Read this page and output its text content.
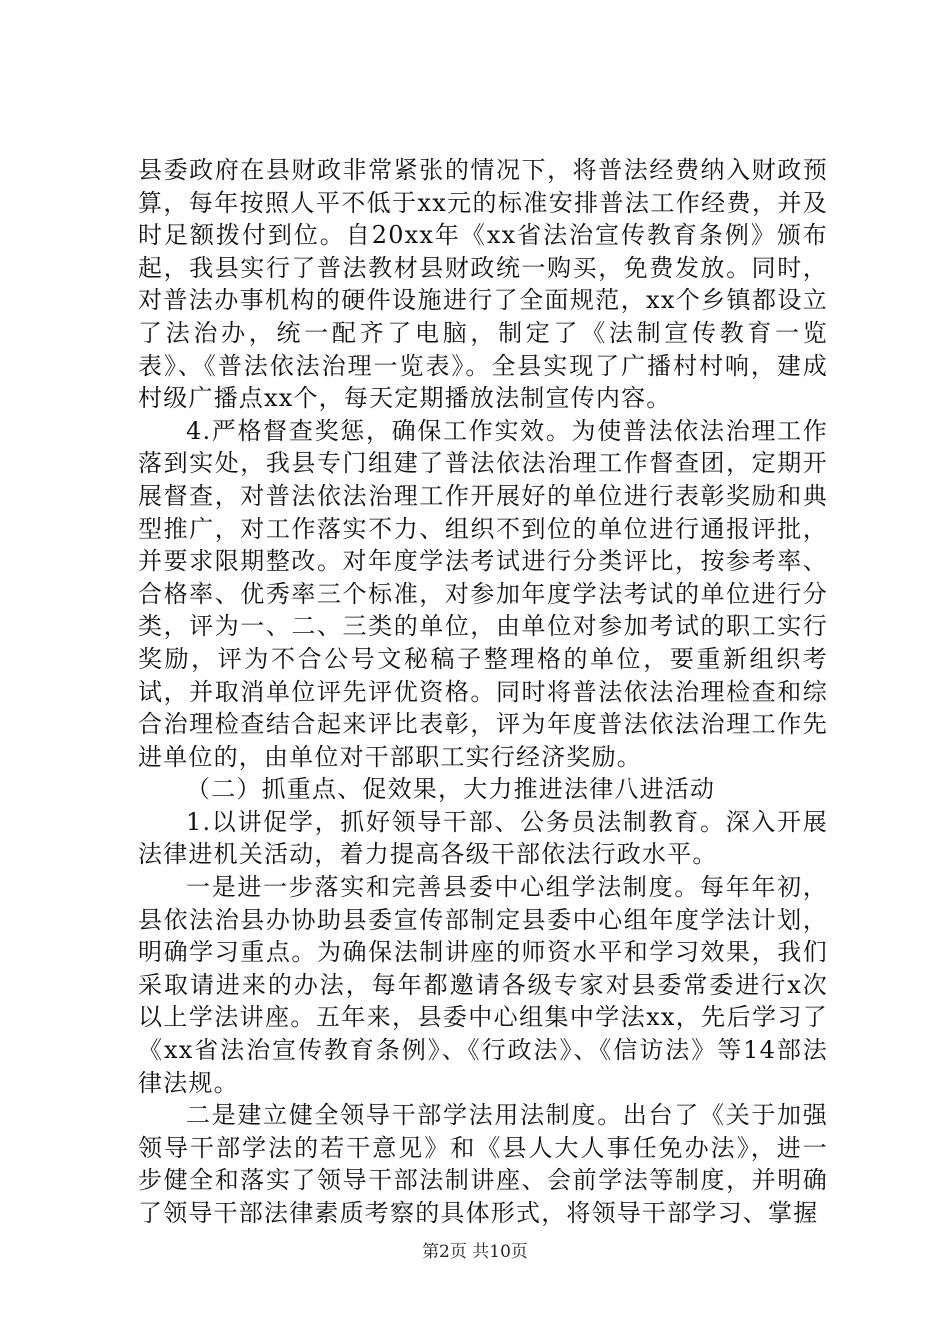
县委政府在县财政非常紧张的情况下，将普法经费纳入财政预算，每年按照人平不低于xx元的标准安排普法工作经费，并及时足额拨付到位。自20xx年《xx省法治宣传教育条例》颁布起，我县实行了普法教材县财政统一购买，免费发放。同时，对普法办事机构的硬件设施进行了全面规范，xx个乡镇都设立了法治办，统一配齐了电脑，制定了《法制宣传教育一览表》、《普法依法治理一览表》。全县实现了广播村村响，建成村级广播点xx个，每天定期播放法制宣传内容。

4.严格督查奖惩，确保工作实效。为使普法依法治理工作落到实处，我县专门组建了普法依法治理工作督查团，定期开展督查，对普法依法治理工作开展好的单位进行表彰奖励和典型推广，对工作落实不力、组织不到位的单位进行通报评批，并要求限期整改。对年度学法考试进行分类评比，按参考率、合格率、优秀率三个标准，对参加年度学法考试的单位进行分类，评为一、二、三类的单位，由单位对参加考试的职工实行奖励，评为不合公号文秘稿子整理格的单位，要重新组织考试，并取消单位评先评优资格。同时将普法依法治理检查和综合治理检查结合起来评比表彰，评为年度普法依法治理工作先进单位的，由单位对干部职工实行经济奖励。

（二）抓重点、促效果，大力推进法律八进活动

1.以讲促学，抓好领导干部、公务员法制教育。深入开展法律进机关活动，着力提高各级干部依法行政水平。

一是进一步落实和完善县委中心组学法制度。每年年初，县依法治县办协助县委宣传部制定县委中心组年度学法计划，明确学习重点。为确保法制讲座的师资水平和学习效果，我们采取请进来的办法，每年都邀请各级专家对县委常委进行x次以上学法讲座。五年来，县委中心组集中学法xx，先后学习了《xx省法治宣传教育条例》、《行政法》、《信访法》等14部法律法规。

二是建立健全领导干部学法用法制度。出台了《关于加强领导干部学法的若干意见》和《县人大人事任免办法》，进一步健全和落实了领导干部法制讲座、会前学法等制度，并明确了领导干部法律素质考察的具体形式，将领导干部学习、掌握

第2页 共10页
